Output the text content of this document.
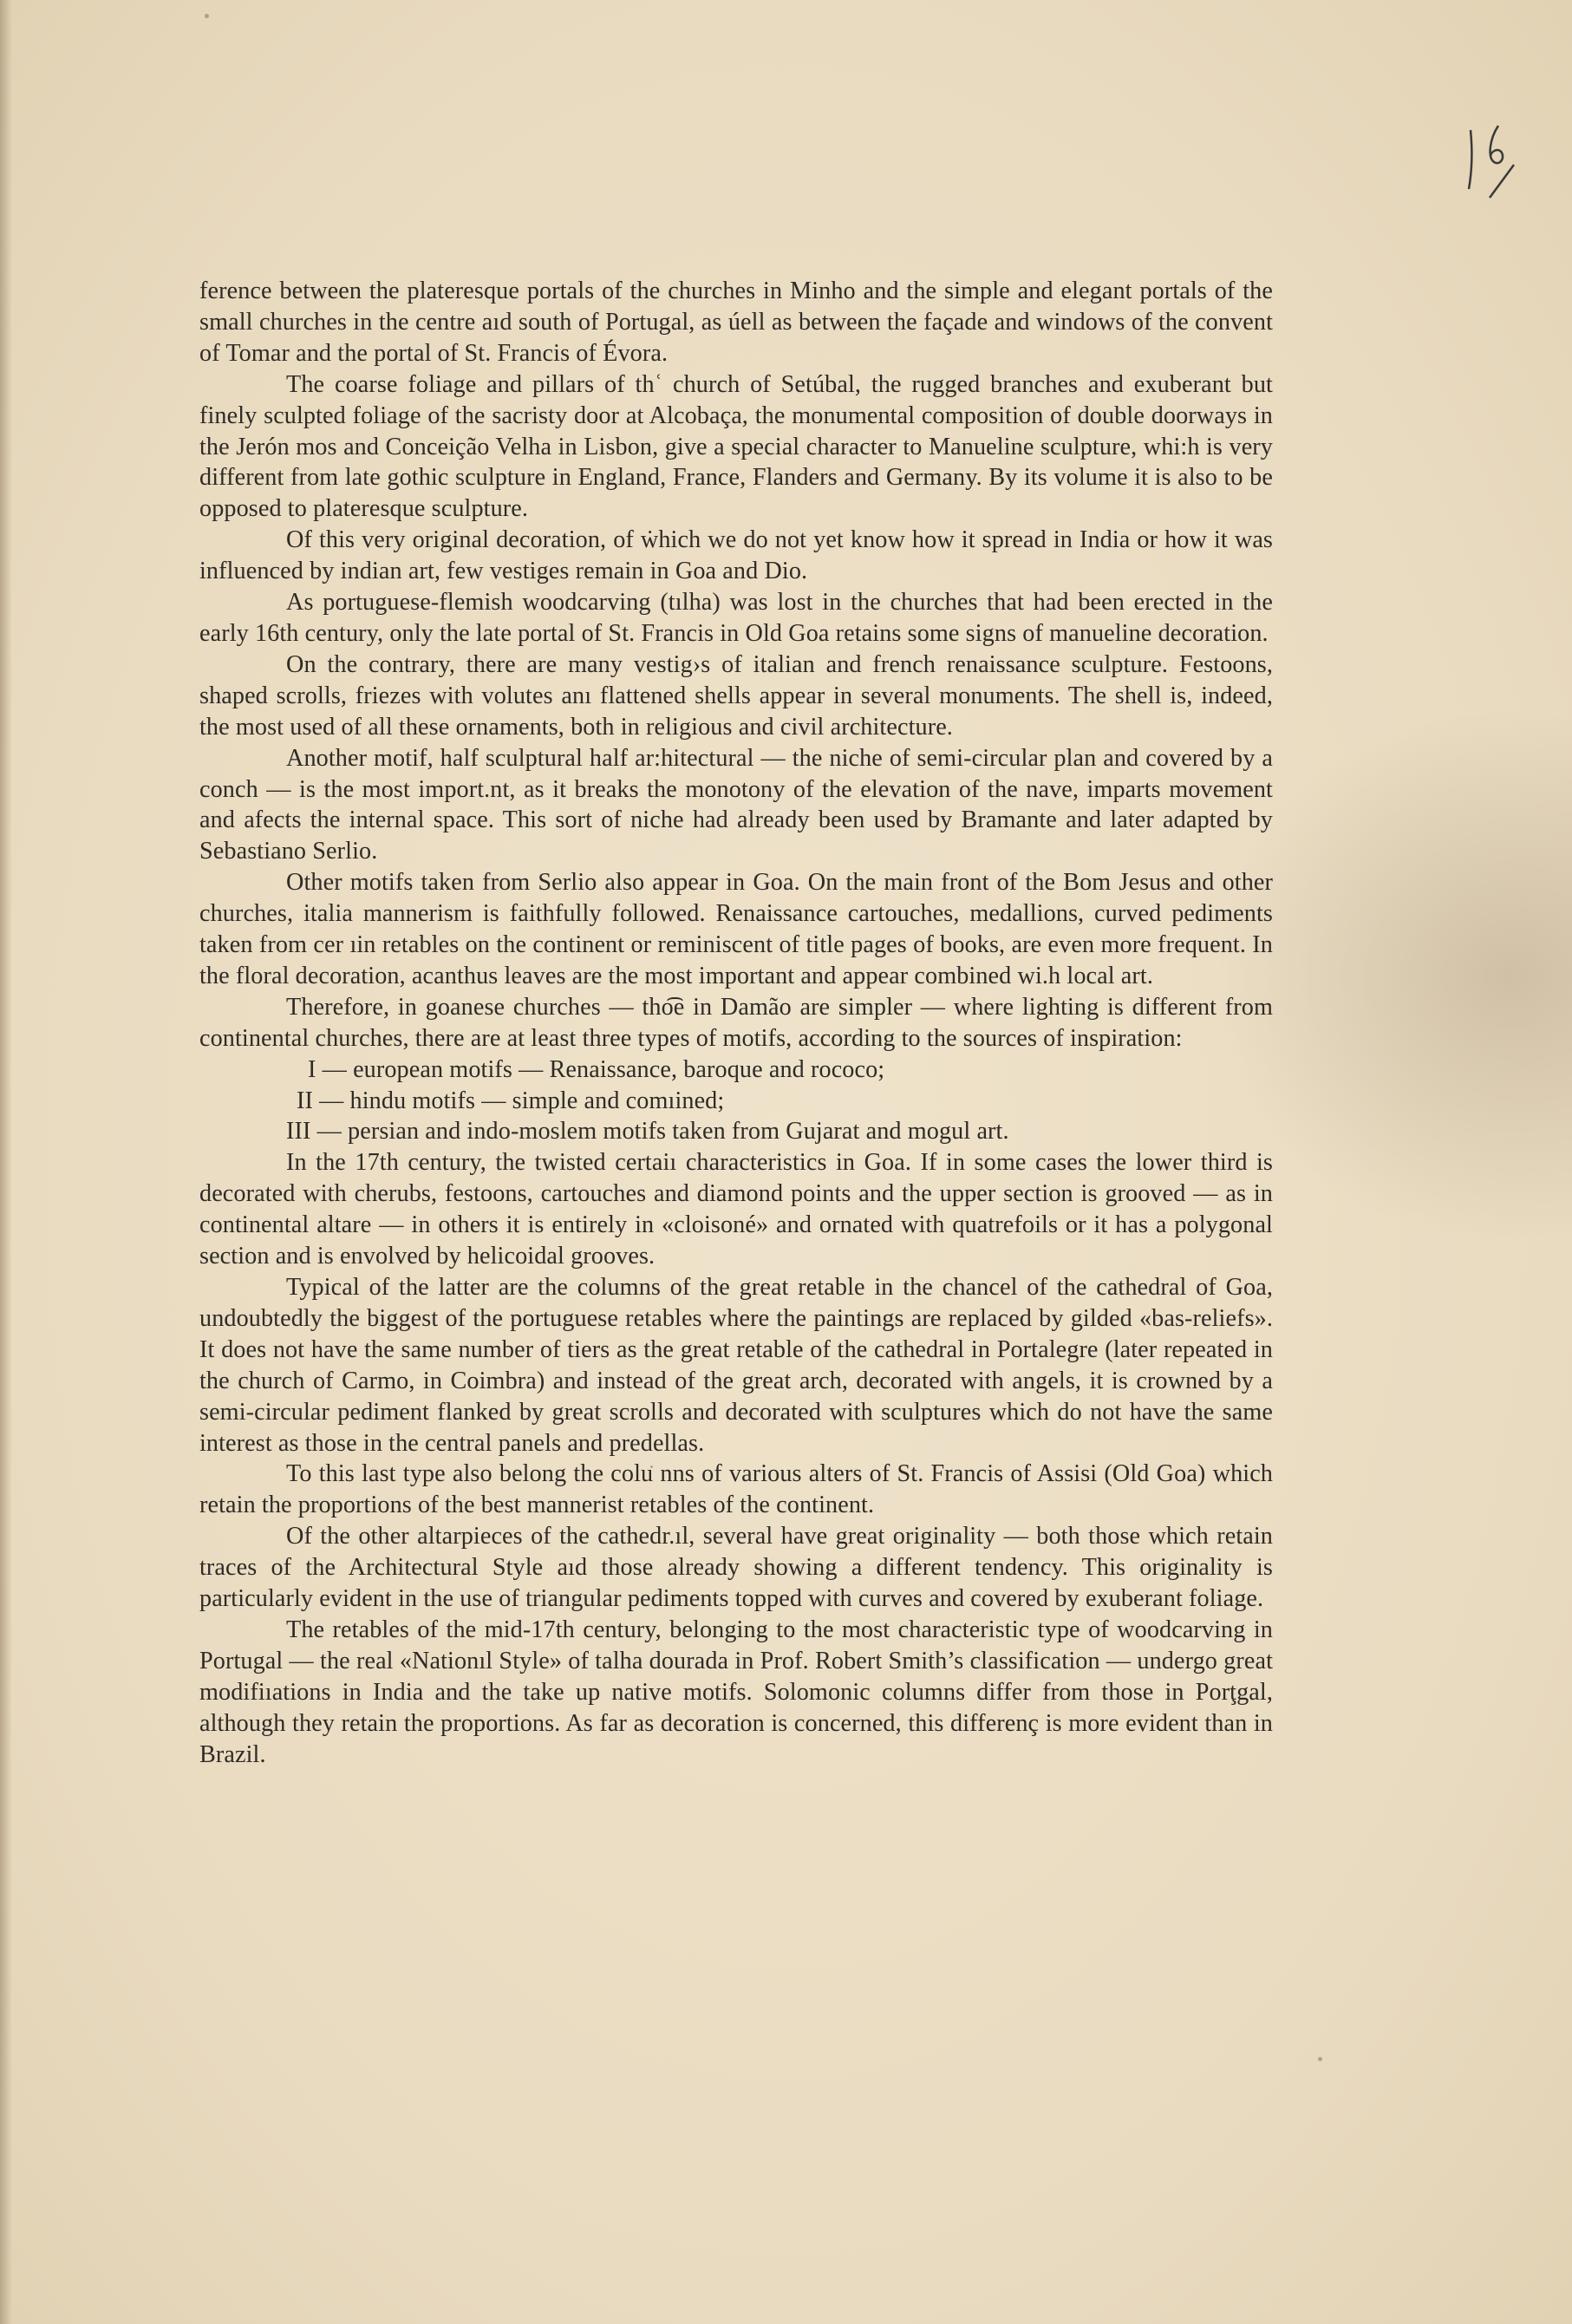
ference between the plateresque portals of the churches in Minho and the simple and elegant portals of the small churches in the centre aıd south of Portugal, as úell as between the façade and windows of the convent of Tomar and the portal of St. Francis of Évora.

The coarse foliage and pillars of thʿ church of Setúbal, the rugged branches and exuberant but finely sculpted foliage of the sacristy door at Alcobaça, the monumental composition of double doorways in the Jerón mos and Conceição Velha in Lisbon, give a special character to Manueline sculpture, whi:h is very different from late gothic sculpture in England, France, Flanders and Germany. By its volume it is also to be opposed to plateresque sculpture.

Of this very original decoration, of ẇhich we do not yet know how it spread in India or how it was influenced by indian art, few vestiges remain in Goa and Dio.

As portuguese-flemish woodcarving (tılha) was lost in the churches that had been erected in the early 16th century, only the late portal of St. Francis in Old Goa retains some signs of manueline decoration.

On the contrary, there are many vestig›s of italian and french renaissance sculpture. Festoons, shaped scrolls, friezes with volutes anı flattened shells appear in several monuments. The shell is, indeed, the most used of all these ornaments, both in religious and civil architecture.

Another motif, half sculptural half ar:hitectural — the niche of semi-circular plan and covered by a conch — is the most import.nt, as it breaks the monotony of the elevation of the nave, imparts movement and afects the internal space. This sort of niche had already been used by Bramante and later adapted by Sebastiano Serlio.

Other motifs taken from Serlio also appear in Goa. On the main front of the Bom Jesus and other churches, italia mannerism is faithfully followed. Renaissance cartouches, medallions, curved pediments taken from cer ıin retables on the continent or reminiscent of title pages of books, are even more frequent. In the floral decoration, acanthus leaves are the most important and appear combined wi.h local art.

Therefore, in goanese churches — tho͡e in Damão are simpler — where lighting is different from continental churches, there are at least three types of motifs, according to the sources of inspiration:

I — european motifs — Renaissance, baroque and rococo;
II — hindu motifs — simple and comıined;
III — persian and indo-moslem motifs taken from Gujarat and mogul art.

In the 17th century, the twisted certaiı characteristics in Goa. If in some cases the lower third is decorated with cherubs, festoons, cartouches and diamond points and the upper section is grooved — as in continental altare — in others it is entirely in «cloisoné» and ornated with quatrefoils or it has a polygonal section and is envolved by helicoidal grooves.

Typical of the latter are the columns of the great retable in the chancel of the cathedral of Goa, undoubtedly the biggest of the portuguese retables where the paintings are replaced by gilded «bas-reliefs». It does not have the same number of tiers as the great retable of the cathedral in Portalegre (later repeated in the church of Carmo, in Coimbra) and instead of the great arch, decorated with angels, it is crowned by a semi-circular pediment flanked by great scrolls and decorated with sculptures which do not have the same interest as those in the central panels and predellas.

To this last type also belong the colu nns of various alters of St. Francis of Assisi (Old Goa) which retain the proportions of the best mannerist retables of the continent.

Of the other altarpieces of the cathedr.ıl, several have great originality — both those which retain traces of the Architectural Style aıd those already showing a different tendency. This originality is particularly evident in the use of triangular pediments topped with curves and covered by exuberant foliage.

The retables of the mid-17th century, belonging to the most characteristic type of woodcarving in Portugal — the real «Nationıl Style» of talha dourada in Prof. Robert Smith’s classification — undergo great modifiıations in India and the take up native motifs. Solomonic columns differ from those in Porţgal, although they retain the proportions. As far as decoration is concerned, this differenç is more evident than in Brazil.
